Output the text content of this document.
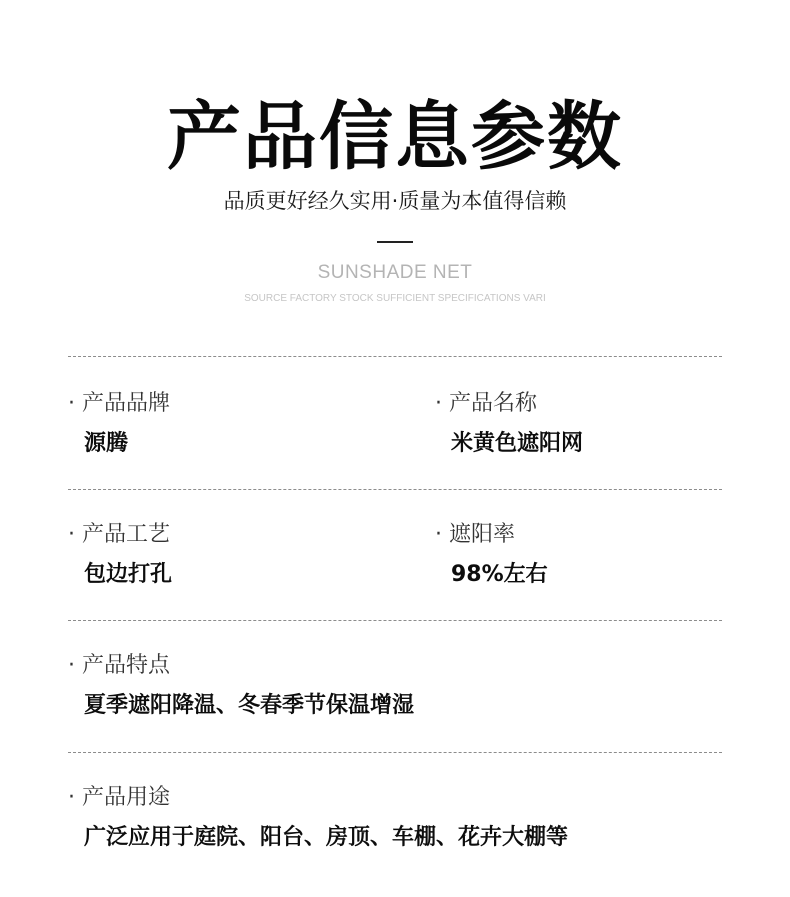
产品信息参数
品质更好经久实用·质量为本值得信赖
SUNSHADE NET
SOURCE FACTORY STOCK SUFFICIENT SPECIFICATIONS VARI
· 产品品牌
源腾
· 产品名称
米黄色遮阳网
· 产品工艺
包边打孔
· 遮阳率
98%左右
· 产品特点
夏季遮阳降温、冬春季节保温增湿
· 产品用途
广泛应用于庭院、阳台、房顶、车棚、花卉大棚等
